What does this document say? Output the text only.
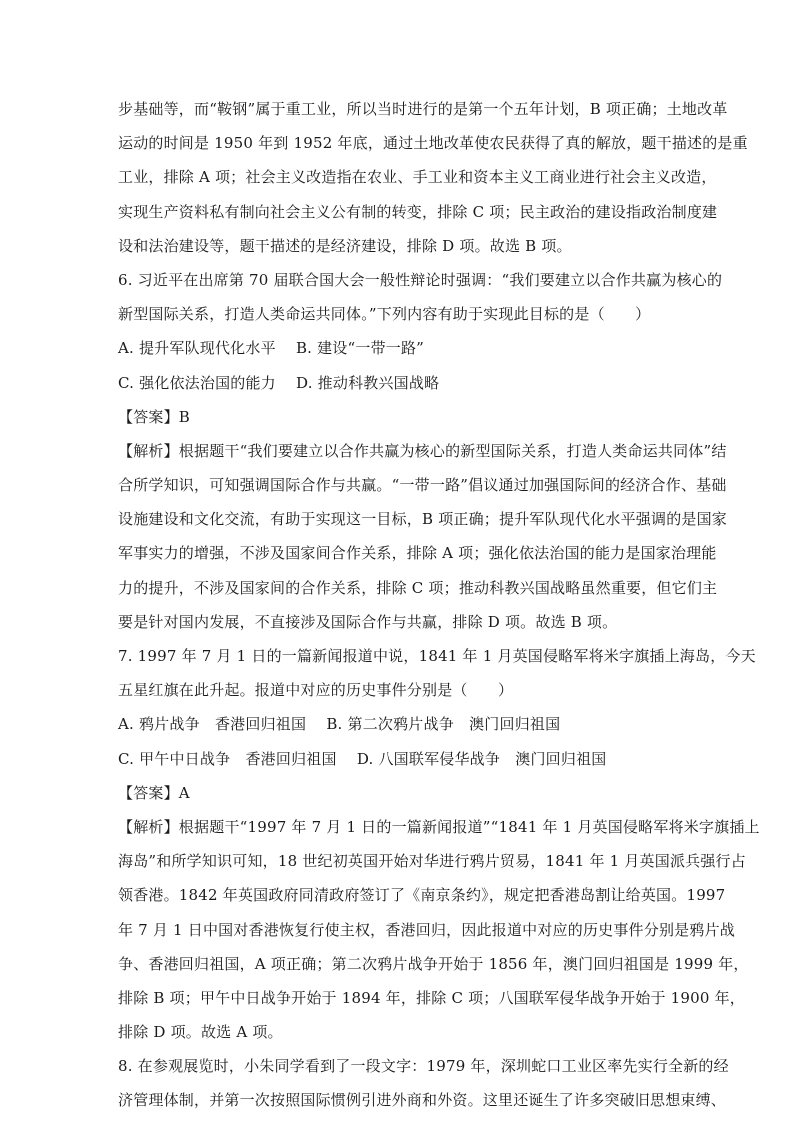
步基础等，而“鞍钢”属于重工业，所以当时进行的是第一个五年计划，B 项正确；土地改革
运动的时间是 1950 年到 1952 年底，通过土地改革使农民获得了真的解放，题干描述的是重
工业，排除 A 项；社会主义改造指在农业、手工业和资本主义工商业进行社会主义改造，
实现生产资料私有制向社会主义公有制的转变，排除 C 项；民主政治的建设指政治制度建
设和法治建设等，题干描述的是经济建设，排除 D 项。故选 B 项。
6. 习近平在出席第 70 届联合国大会一般性辩论时强调：“我们要建立以合作共赢为核心的
新型国际关系，打造人类命运共同体。”下列内容有助于实现此目标的是（　　）
A. 提升军队现代化水平　 B. 建设“一带一路”
C. 强化依法治国的能力　 D. 推动科教兴国战略
【答案】B
【解析】根据题干“我们要建立以合作共赢为核心的新型国际关系，打造人类命运共同体”结
合所学知识，可知强调国际合作与共赢。“一带一路”倡议通过加强国际间的经济合作、基础
设施建设和文化交流，有助于实现这一目标，B 项正确；提升军队现代化水平强调的是国家
军事实力的增强，不涉及国家间合作关系，排除 A 项；强化依法治国的能力是国家治理能
力的提升，不涉及国家间的合作关系，排除 C 项；推动科教兴国战略虽然重要，但它们主
要是针对国内发展，不直接涉及国际合作与共赢，排除 D 项。故选 B 项。
7. 1997 年 7 月 1 日的一篇新闻报道中说，1841 年 1 月英国侵略军将米字旗插上海岛，今天
五星红旗在此升起。报道中对应的历史事件分别是（　　）
A. 鸦片战争　香港回归祖国　 B. 第二次鸦片战争　澳门回归祖国
C. 甲午中日战争　香港回归祖国　 D. 八国联军侵华战争　澳门回归祖国
【答案】A
【解析】根据题干“1997 年 7 月 1 日的一篇新闻报道”“1841 年 1 月英国侵略军将米字旗插上
海岛”和所学知识可知，18 世纪初英国开始对华进行鸦片贸易，1841 年 1 月英国派兵强行占
领香港。1842 年英国政府同清政府签订了《南京条约》，规定把香港岛割让给英国。1997
年 7 月 1 日中国对香港恢复行使主权，香港回归，因此报道中对应的历史事件分别是鸦片战
争、香港回归祖国，A 项正确；第二次鸦片战争开始于 1856 年，澳门回归祖国是 1999 年，
排除 B 项；甲午中日战争开始于 1894 年，排除 C 项；八国联军侵华战争开始于 1900 年，
排除 D 项。故选 A 项。
8. 在参观展览时，小朱同学看到了一段文字：1979 年，深圳蛇口工业区率先实行全新的经
济管理体制，并第一次按照国际惯例引进外商和外资。这里还诞生了许多突破旧思想束缚、
